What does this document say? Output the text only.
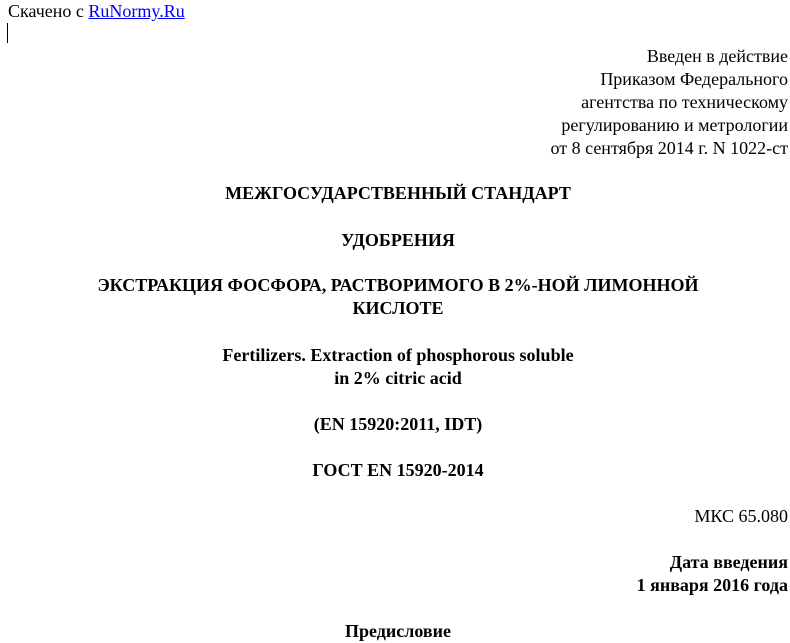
Скачено с RuNormy.Ru
Введен в действие
Приказом Федерального
агентства по техническому
регулированию и метрологии
от 8 сентября 2014 г. N 1022-ст
МЕЖГОСУДАРСТВЕННЫЙ СТАНДАРТ
УДОБРЕНИЯ
ЭКСТРАКЦИЯ ФОСФОРА, РАСТВОРИМОГО В 2%-НОЙ ЛИМОННОЙ
КИСЛОТЕ
Fertilizers. Extraction of phosphorous soluble
in 2% citric acid
(EN 15920:2011, IDT)
ГОСТ EN 15920-2014
МКС 65.080
Дата введения
1 января 2016 года
Предисловие
